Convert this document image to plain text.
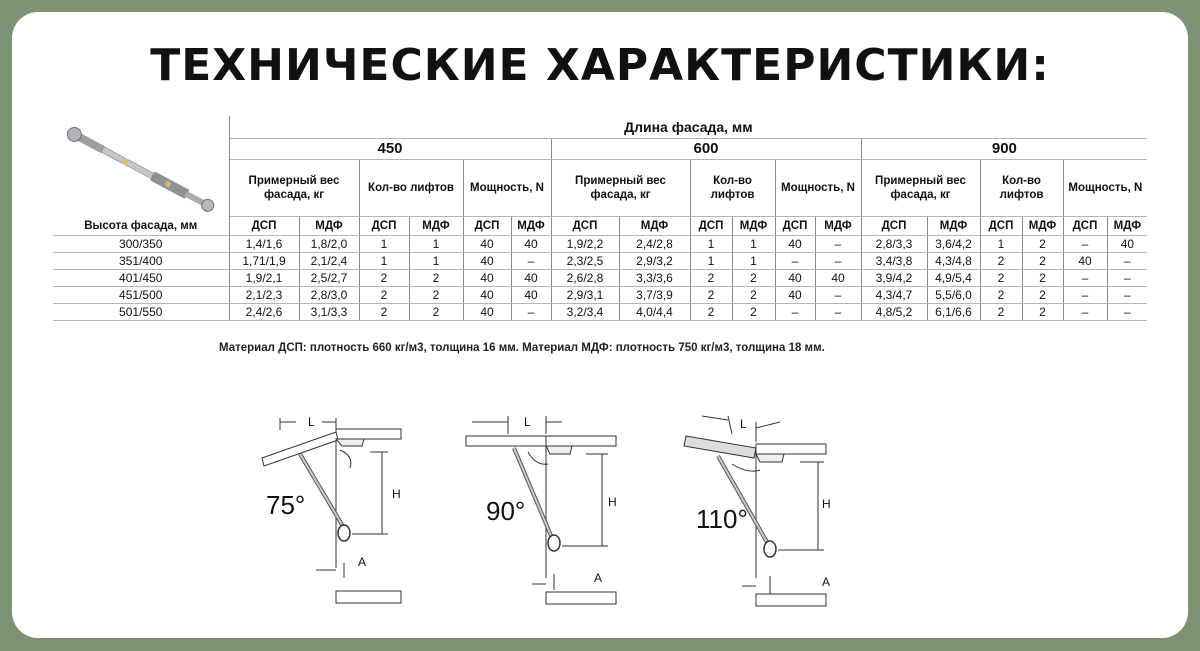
ТЕХНИЧЕСКИЕ ХАРАКТЕРИСТИКИ:
	Длина фасада, мм																	
	450						600						900					
	Примерный вес фасада, кг		Кол-во лифтов		Мощность, N		Примерный вес фасада, кг		Кол-во лифтов		Мощность, N		Примерный вес фасада, кг		Кол-во лифтов		Мощность, N	
Высота фасада, мм	ДСП	МДФ	ДСП	МДФ	ДСП	МДФ	ДСП	МДФ	ДСП	МДФ	ДСП	МДФ	ДСП	МДФ	ДСП	МДФ	ДСП	МДФ
300/350	1,4/1,6	1,8/2,0	1	1	40	40	1,9/2,2	2,4/2,8	1	1	40	–	2,8/3,3	3,6/4,2	1	2	–	40
351/400	1,71/1,9	2,1/2,4	1	1	40	–	2,3/2,5	2,9/3,2	1	1	–	–	3,4/3,8	4,3/4,8	2	2	40	–
401/450	1,9/2,1	2,5/2,7	2	2	40	40	2,6/2,8	3,3/3,6	2	2	40	40	3,9/4,2	4,9/5,4	2	2	–	–
451/500	2,1/2,3	2,8/3,0	2	2	40	40	2,9/3,1	3,7/3,9	2	2	40	–	4,3/4,7	5,5/6,0	2	2	–	–
501/550	2,4/2,6	3,1/3,3	2	2	40	–	3,2/3,4	4,0/4,4	2	2	–	–	4,8/5,2	6,1/6,6	2	2	–	–

Материал ДСП: плотность 660 кг/м3, толщина 16 мм. Материал МДФ: плотность 750 кг/м3, толщина 18 мм.

L
H
A
75°
L
H
A
90°
L
H
A
110°
